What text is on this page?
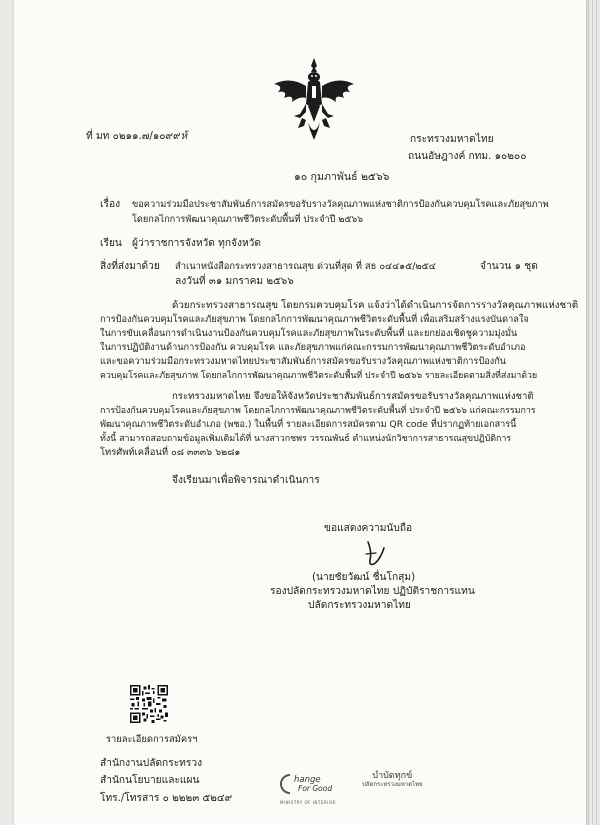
ที่ มท ๐๒๑๑.๗/๑๐๙๙ห้	กระทรวงมหาดไทย
ถนนอัษฎางค์ กทม. ๑๐๒๐๐
๑๐ กุมภาพันธ์ ๒๕๖๖
เรื่อง ขอความร่วมมือประชาสัมพันธ์การสมัครขอรับรางวัลคุณภาพแห่งชาติการป้องกันควบคุมโรคและภัยสุขภาพ
โดยกลไกการพัฒนาคุณภาพชีวิตระดับพื้นที่ ประจำปี ๒๕๖๖
เรียน ผู้ว่าราชการจังหวัด ทุกจังหวัด
สิ่งที่ส่งมาด้วย สำเนาหนังสือกระทรวงสาธารณสุข ด่วนที่สุด ที่ สธ ๐๔๔๑๕/๒๕๔	จำนวน ๑ ชุด
ลงวันที่ ๓๑ มกราคม ๒๕๖๖
ด้วยกระทรวงสาธารณสุข โดยกรมควบคุมโรค แจ้งว่าได้ดำเนินการจัดการรางวัลคุณภาพแห่งชาติ
การป้องกันควบคุมโรคและภัยสุขภาพ โดยกลไกการพัฒนาคุณภาพชีวิตระดับพื้นที่ เพื่อเสริมสร้างแรงบันดาลใจ
ในการขับเคลื่อนการดำเนินงานป้องกันควบคุมโรคและภัยสุขภาพในระดับพื้นที่ และยกย่องเชิดชูความมุ่งมั่น
ในการปฏิบัติงานด้านการป้องกัน ควบคุมโรค และภัยสุขภาพแก่คณะกรรมการพัฒนาคุณภาพชีวิตระดับอำเภอ
และขอความร่วมมือกระทรวงมหาดไทยประชาสัมพันธ์การสมัครขอรับรางวัลคุณภาพแห่งชาติการป้องกัน
ควบคุมโรคและภัยสุขภาพ โดยกลไกการพัฒนาคุณภาพชีวิตระดับพื้นที่ ประจำปี ๒๕๖๖ รายละเอียดตามสิ่งที่ส่งมาด้วย
กระทรวงมหาดไทย จึงขอให้จังหวัดประชาสัมพันธ์การสมัครขอรับรางวัลคุณภาพแห่งชาติ
การป้องกันควบคุมโรคและภัยสุขภาพ โดยกลไกการพัฒนาคุณภาพชีวิตระดับพื้นที่ ประจำปี ๒๕๖๖ แก่คณะกรรมการ
พัฒนาคุณภาพชีวิตระดับอำเภอ (พชอ.) ในพื้นที่ รายละเอียดการสมัครตาม QR code ที่ปรากฏท้ายเอกสารนี้
ทั้งนี้ สามารถสอบถามข้อมูลเพิ่มเติมได้ที่ นางสาวกชพร วรรณพันธ์ ตำแหน่งนักวิชาการสาธารณสุขปฏิบัติการ
โทรศัพท์เคลื่อนที่ ๐๘ ๓๓๓๖ ๖๒๘๑
จึงเรียนมาเพื่อพิจารณาดำเนินการ
ขอแสดงความนับถือ
(นายชัยวัฒน์ ชื่นโกสุม)
รองปลัดกระทรวงมหาดไทย ปฏิบัติราชการแทน
ปลัดกระทรวงมหาดไทย
รายละเอียดการสมัครฯ
สำนักงานปลัดกระทรวง
สำนักนโยบายและแผน
โทร./โทรสาร ๐ ๒๒๒๓ ๕๒๔๙
hange
For Good
MINISTRY OF INTERIOR
บำบัดทุกข์
ปลัดกระทรวงมหาดไทย
